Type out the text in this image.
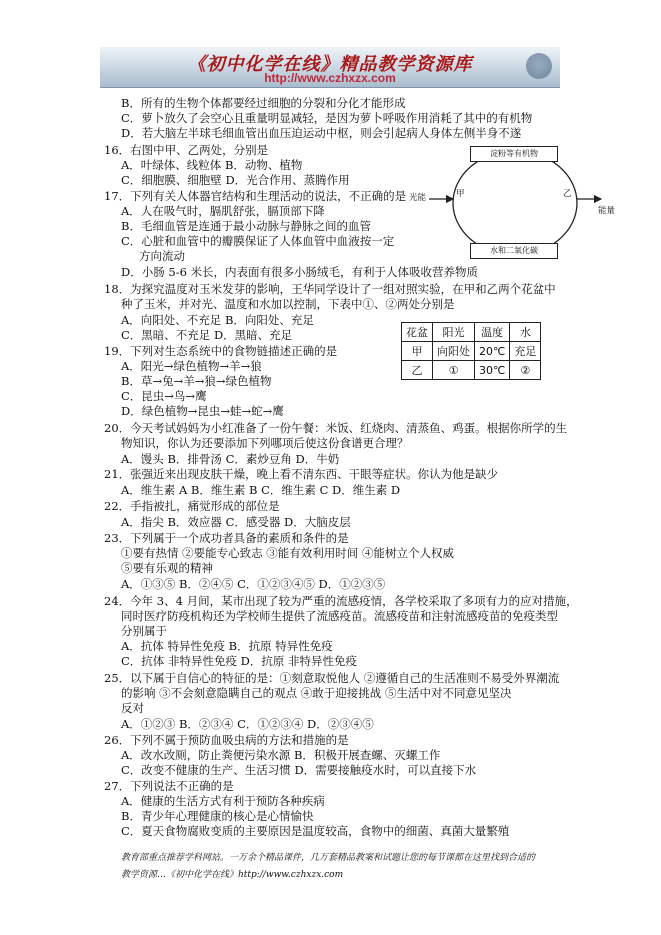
《初中化学在线》精品教学资源库
http://www.czhxzx.com
B．所有的生物个体都要经过细胞的分裂和分化才能形成
C．萝卜放久了会空心且重量明显减轻，是因为萝卜呼吸作用消耗了其中的有机物
D．若大脑左半球毛细血管出血压迫运动中枢，则会引起病人身体左侧半身不遂
16．右图中甲、乙两处，分别是
A．叶绿体、线粒体 B．动物、植物
C．细胞膜、细胞壁 D．光合作用、蒸腾作用
17．下列有关人体器官结构和生理活动的说法，不正确的是
A．人在吸气时，膈肌舒张，膈顶部下降
B．毛细血管是连通于最小动脉与静脉之间的血管
C．心脏和血管中的瓣膜保证了人体血管中血液按一定
方向流动
D．小肠 5-6 米长，内表面有很多小肠绒毛，有利于人体吸收营养物质
18．为探究温度对玉米发芽的影响，王华同学设计了一组对照实验，在甲和乙两个花盆中
种了玉米，并对光、温度和水加以控制，下表中①、②两处分别是
A．向阳处、不充足 B．向阳处、充足
C．黑暗、不充足 D．黑暗、充足
19．下列对生态系统中的食物链描述正确的是
A．阳光→绿色植物→羊→狼
B．草→兔→羊→狼→绿色植物
C．昆虫→鸟→鹰
D．绿色植物→昆虫→蛙→蛇→鹰
20．今天考试妈妈为小红准备了一份午餐：米饭、红烧肉、清蒸鱼、鸡蛋。根据你所学的生
物知识，你认为还要添加下列哪项后使这份食谱更合理？
A．馒头 B．排骨汤 C．素炒豆角 D．牛奶
21．张强近来出现皮肤干燥，晚上看不清东西、干眼等症状。你认为他是缺少
A．维生素 A B．维生素 B C．维生素 C D．维生素 D
22．手指被扎，痛觉形成的部位是
A．指尖 B．效应器 C．感受器 D．大脑皮层
23．下列属于一个成功者具备的素质和条件的是
①要有热情 ②要能专心致志 ③能有效利用时间 ④能树立个人权威
⑤要有乐观的精神
A．①③⑤ B．②④⑤ C．①②③④⑤ D．①②③⑤
24．今年 3、4 月间，某市出现了较为严重的流感疫情，各学校采取了多项有力的应对措施，
同时医疗防疫机构还为学校师生提供了流感疫苗。流感疫苗和注射流感疫苗的免疫类型
分别属于
A．抗体 特异性免疫 B．抗原 特异性免疫
C．抗体 非特异性免疫 D．抗原 非特异性免疫
25．以下属于自信心的特征的是：①刻意取悦他人 ②遵循自己的生活准则不易受外界潮流
的影响 ③不会刻意隐瞒自己的观点 ④敢于迎接挑战 ⑤生活中对不同意见坚决
反对
A．①②③ B．②③④ C．①②③④ D．②③④⑤
26．下列不属于预防血吸虫病的方法和措施的是
A．改水改厕，防止粪便污染水源 B．积极开展查螺、灭螺工作
C．改变不健康的生产、生活习惯 D．需要接触疫水时，可以直接下水
27．下列说法不正确的是
A．健康的生活方式有利于预防各种疾病
B．青少年心理健康的核心是心情愉快
C．夏天食物腐败变质的主要原因是温度较高，食物中的细菌、真菌大量繁殖
淀粉等有机物
水和二氧化碳
光能	甲	乙
能量
花盆	阳光	温度	水
甲	向阳处	20℃	充足
乙	①	30℃	②
教育部重点推荐学科网站。一万余个精品课件，几万套精品教案和试题让您的每节课都在这里找到合适的
教学资源…《初中化学在线》http://www.czhxzx.com
